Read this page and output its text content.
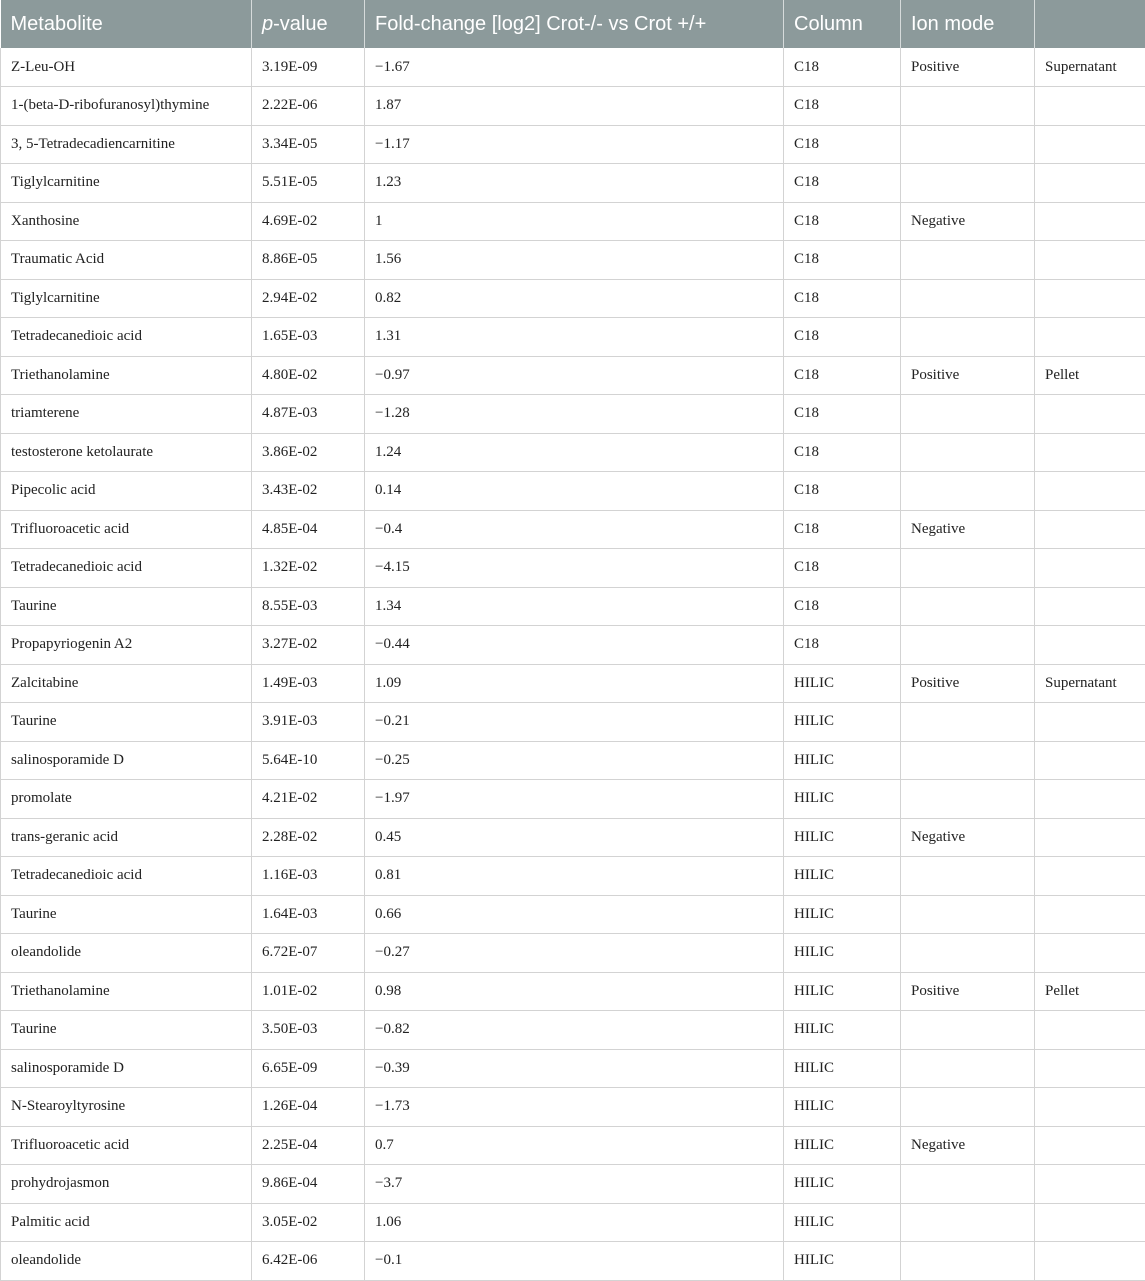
Metabolite	p-value	Fold-change [log2] Crot-/- vs Crot +/+	Column	Ion mode	
Z-Leu-OH	3.19E-09	−1.67	C18	Positive	Supernatant
1-(beta-D-ribofuranosyl)thymine	2.22E-06	1.87	C18		
3, 5-Tetradecadiencarnitine	3.34E-05	−1.17	C18		
Tiglylcarnitine	5.51E-05	1.23	C18		
Xanthosine	4.69E-02	1	C18	Negative	
Traumatic Acid	8.86E-05	1.56	C18		
Tiglylcarnitine	2.94E-02	0.82	C18		
Tetradecanedioic acid	1.65E-03	1.31	C18		
Triethanolamine	4.80E-02	−0.97	C18	Positive	Pellet
triamterene	4.87E-03	−1.28	C18		
testosterone ketolaurate	3.86E-02	1.24	C18		
Pipecolic acid	3.43E-02	0.14	C18		
Trifluoroacetic acid	4.85E-04	−0.4	C18	Negative	
Tetradecanedioic acid	1.32E-02	−4.15	C18		
Taurine	8.55E-03	1.34	C18		
Propapyriogenin A2	3.27E-02	−0.44	C18		
Zalcitabine	1.49E-03	1.09	HILIC	Positive	Supernatant
Taurine	3.91E-03	−0.21	HILIC		
salinosporamide D	5.64E-10	−0.25	HILIC		
promolate	4.21E-02	−1.97	HILIC		
trans-geranic acid	2.28E-02	0.45	HILIC	Negative	
Tetradecanedioic acid	1.16E-03	0.81	HILIC		
Taurine	1.64E-03	0.66	HILIC		
oleandolide	6.72E-07	−0.27	HILIC		
Triethanolamine	1.01E-02	0.98	HILIC	Positive	Pellet
Taurine	3.50E-03	−0.82	HILIC		
salinosporamide D	6.65E-09	−0.39	HILIC		
N-Stearoyltyrosine	1.26E-04	−1.73	HILIC		
Trifluoroacetic acid	2.25E-04	0.7	HILIC	Negative	
prohydrojasmon	9.86E-04	−3.7	HILIC		
Palmitic acid	3.05E-02	1.06	HILIC		
oleandolide	6.42E-06	−0.1	HILIC		
